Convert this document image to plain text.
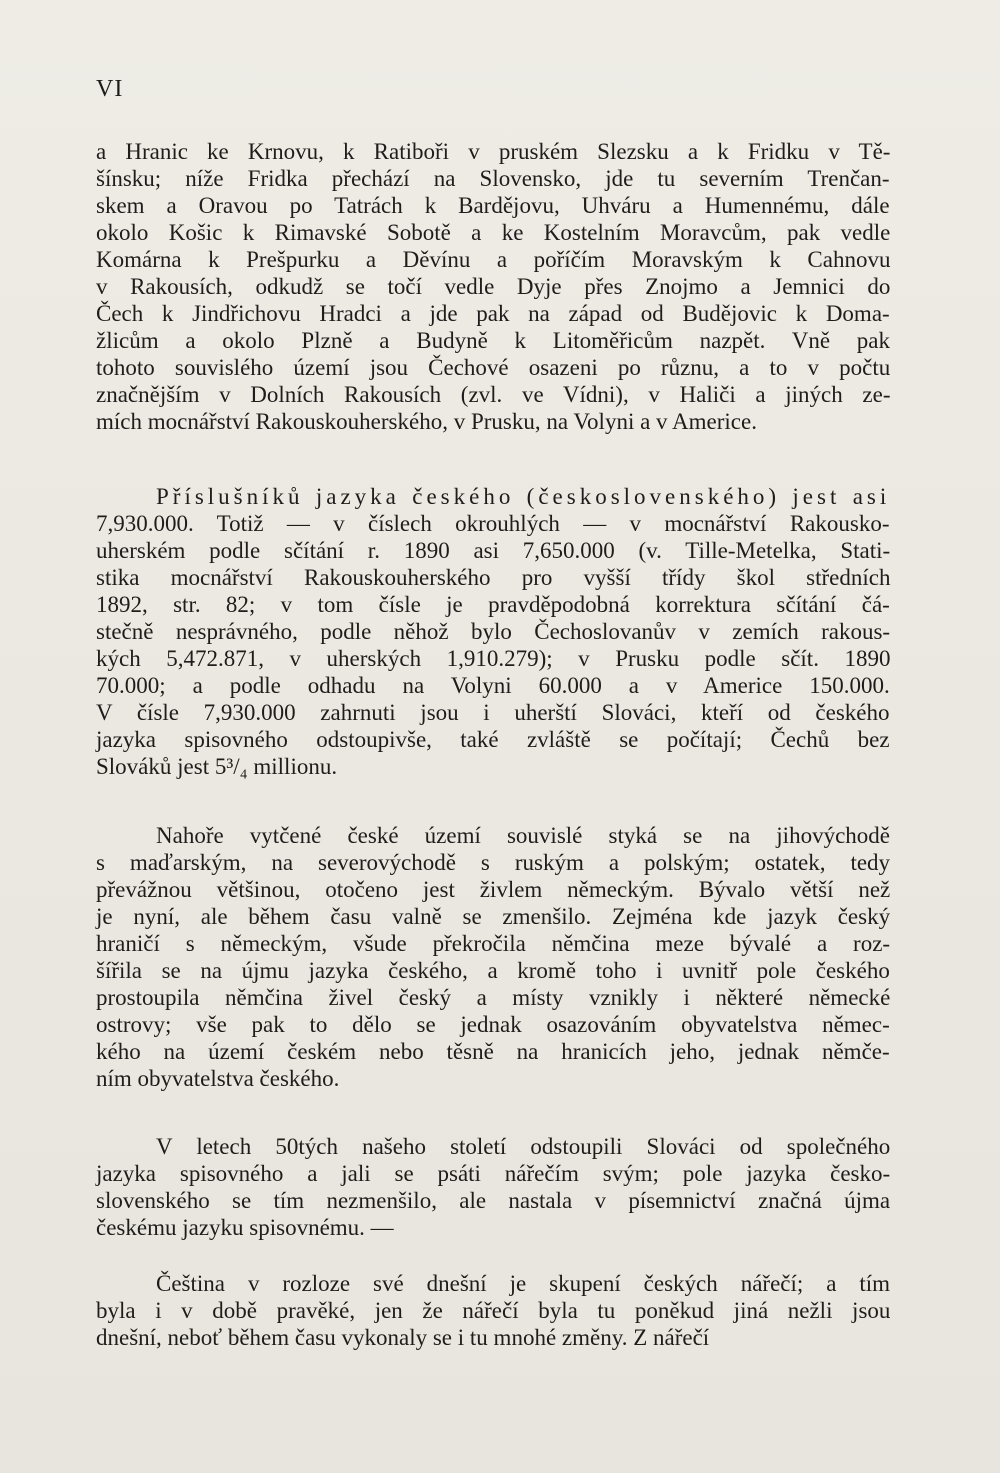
VI
a Hranic ke Krnovu, k Ratiboři v pruském Slezsku a k Fridku v Tě-
šínsku; níže Fridka přechází na Slovensko, jde tu severním Trenčan-
skem a Oravou po Tatrách k Bardějovu, Uhváru a Humennému, dále
okolo Košic k Rimavské Sobotě a ke Kostelním Moravcům, pak vedle
Komárna k Prešpurku a Děvínu a poříčím Moravským k Cahnovu
v Rakousích, odkudž se točí vedle Dyje přes Znojmo a Jemnici do
Čech k Jindřichovu Hradci a jde pak na západ od Budějovic k Doma-
žlicům a okolo Plzně a Budyně k Litoměřicům nazpět. Vně pak
tohoto souvislého území jsou Čechové osazeni po různu, a to v počtu
značnějším v Dolních Rakousích (zvl. ve Vídni), v Haliči a jiných ze-
mích mocnářství Rakouskouherského, v Prusku, na Volyni a v Americe.
Příslušníků jazyka českého (československého) jest asi
7,930.000. Totiž — v číslech okrouhlých — v mocnářství Rakousko-
uherském podle sčítání r. 1890 asi 7,650.000 (v. Tille-Metelka, Stati-
stika mocnářství Rakouskouherského pro vyšší třídy škol středních
1892, str. 82; v tom čísle je pravděpodobná korrektura sčítání čá-
stečně nesprávného, podle něhož bylo Čechoslovanův v zemích rakous-
kých 5,472.871, v uherských 1,910.279); v Prusku podle sčít. 1890
70.000; a podle odhadu na Volyni 60.000 a v Americe 150.000.
V čísle 7,930.000 zahrnuti jsou i uherští Slováci, kteří od českého
jazyka spisovného odstoupivše, také zvláště se počítají; Čechů bez
Slováků jest 5³/₄ millionu.
Nahoře vytčené české území souvislé styká se na jihovýchodě
s maďarským, na severovýchodě s ruským a polským; ostatek, tedy
převážnou většinou, otočeno jest živlem německým. Bývalo větší než
je nyní, ale během času valně se zmenšilo. Zejména kde jazyk český
hraničí s německým, všude překročila němčina meze bývalé a roz-
šířila se na újmu jazyka českého, a kromě toho i uvnitř pole českého
prostoupila němčina živel český a místy vznikly i některé německé
ostrovy; vše pak to dělo se jednak osazováním obyvatelstva němec-
kého na území českém nebo těsně na hranicích jeho, jednak němče-
ním obyvatelstva českého.
V letech 50tých našeho století odstoupili Slováci od společného
jazyka spisovného a jali se psáti nářečím svým; pole jazyka česko-
slovenského se tím nezmenšilo, ale nastala v písemnictví značná újma
českému jazyku spisovnému. —
Čeština v rozloze své dnešní je skupení českých nářečí; a tím
byla i v době pravěké, jen že nářečí byla tu poněkud jiná nežli jsou
dnešní, neboť během času vykonaly se i tu mnohé změny. Z nářečí
